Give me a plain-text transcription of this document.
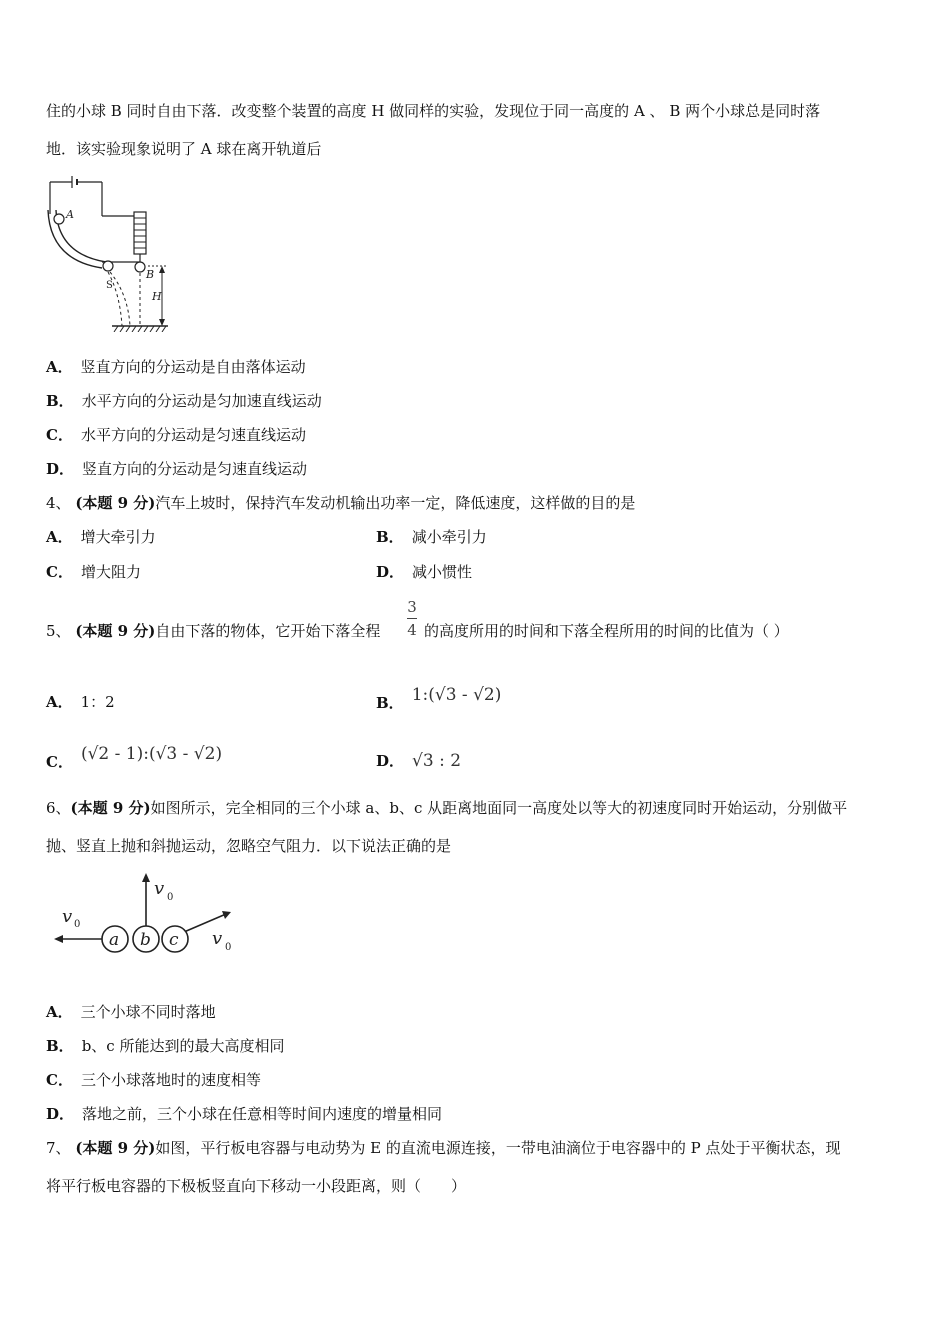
住的小球 B 同时自由下落．改变整个装置的高度 H 做同样的实验，发现位于同一高度的 A 、 B 两个小球总是同时落
地．该实验现象说明了 A 球在离开轨道后
A
S
B
H
A． 竖直方向的分运动是自由落体运动
B． 水平方向的分运动是匀加速直线运动
C． 水平方向的分运动是匀速直线运动
D． 竖直方向的分运动是匀速直线运动
4、 (本题 9 分)汽车上坡时，保持汽车发动机输出功率一定，降低速度，这样做的目的是
A． 增大牵引力	B． 减小牵引力
C． 增大阻力	D． 减小惯性
5、 (本题 9 分)自由下落的物体，它开始下落全程
3
4 的高度所用的时间和下落全程所用的时间的比值为（ ）
A． 1：2	B． 1:(√3 - √2)
C． (√2 - 1):(√3 - √2)	D． √3 : 2
6、(本题 9 分)如图所示，完全相同的三个小球 a、b、c 从距离地面同一高度处以等大的初速度同时开始运动，分别做平
抛、竖直上抛和斜抛运动，忽略空气阻力．以下说法正确的是
v 0
v 0
v 0
a b c
A． 三个小球不同时落地
B． b、c 所能达到的最大高度相同
C． 三个小球落地时的速度相等
D． 落地之前，三个小球在任意相等时间内速度的增量相同
7、 (本题 9 分)如图，平行板电容器与电动势为 E 的直流电源连接，一带电油滴位于电容器中的 P 点处于平衡状态，现
将平行板电容器的下极板竖直向下移动一小段距离，则（　　）
